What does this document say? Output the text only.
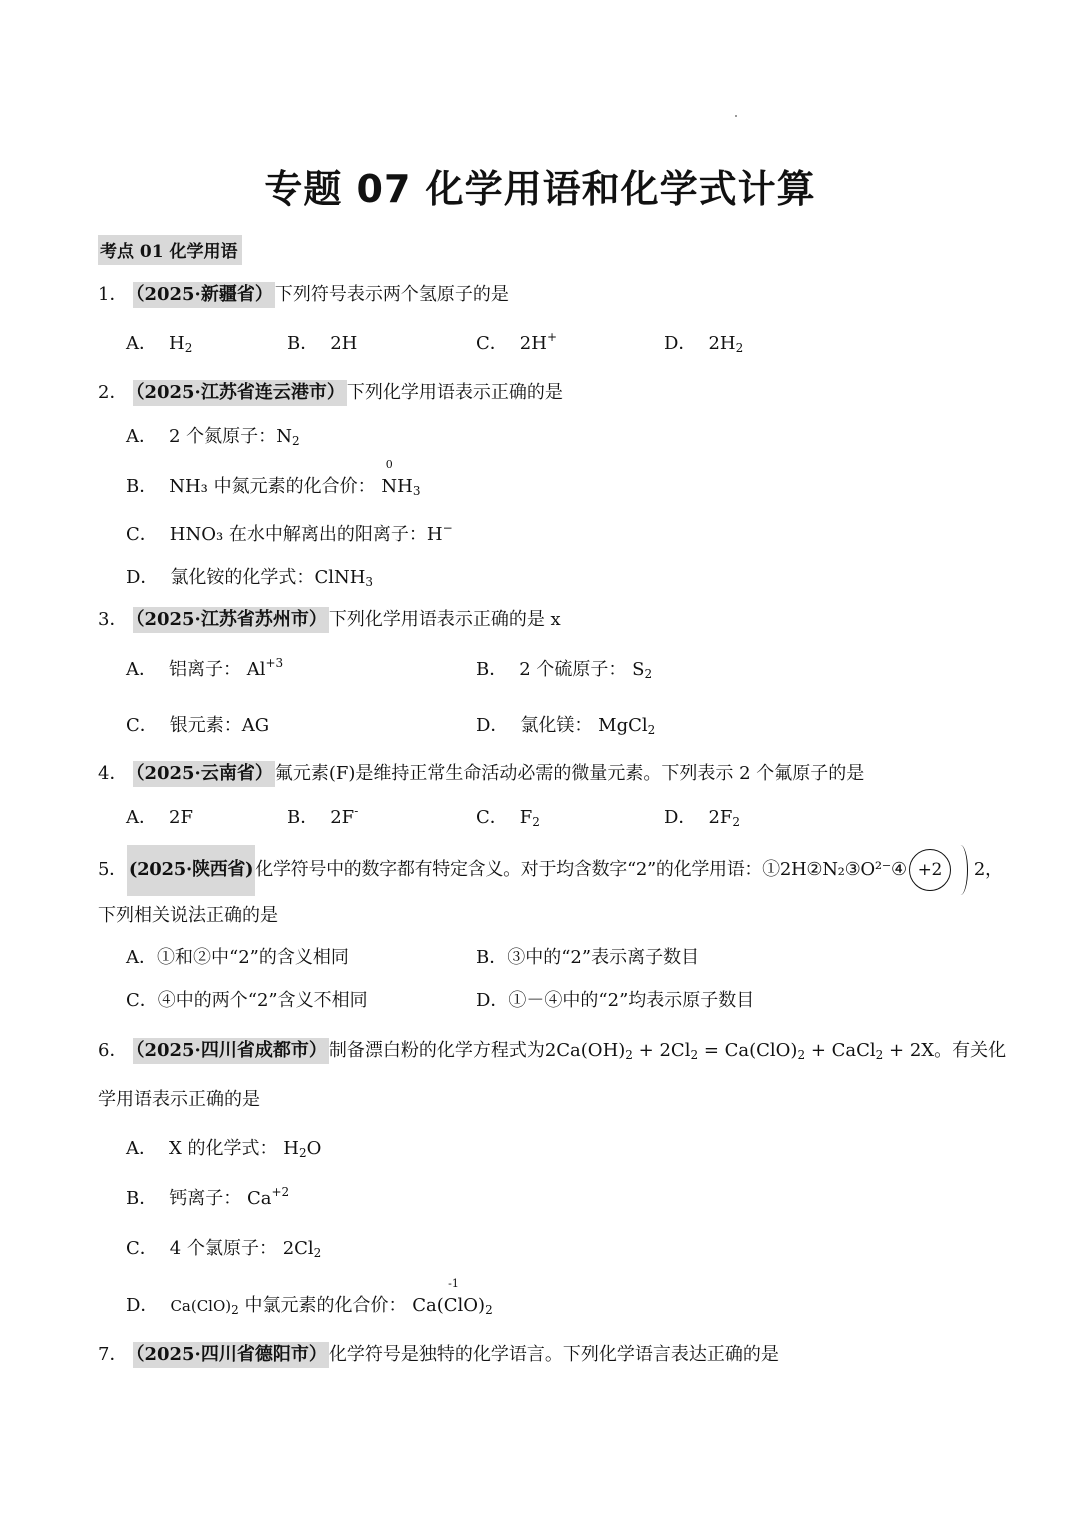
专题 07 化学用语和化学式计算
考点 01 化学用语
1． （2025·新疆省） 下列符号表示两个氢原子的是
A． $H_2$	B． 2H	C． 2H+	D． $2H_2$
2． （2025·江苏省连云港市） 下列化学用语表示正确的是
A． 2 个氮原子：$N_2$
B． NH₃ 中氮元素的化合价：
0
$NH_3$
C． HNO₃ 在水中解离出的阳离子：H−
D． 氯化铵的化学式：ClNH$_3$
3． （2025·江苏省苏州市） 下列化学用语表示正确的是 x
A． 铝离子： $Al^{+3}$	B． 2 个硫原子： $S_2$
C． 银元素：AG	D． 氯化镁： MgCl$_2$
4． （2025·云南省） 氟元素(F)是维持正常生命活动必需的微量元素。下列表示 2 个氟原子的是
A． 2F	B． 2F-	C． $F_2$	D． $2F_2$
5． (2025·陕西省) 化学符号中的数字都有特定含义。对于均含数字“2”的化学用语：①2H②N₂③O²⁻④ +2 2，
下列相关说法正确的是
A．①和②中“2”的含义相同	B．③中的“2”表示离子数目
C．④中的两个“2”含义不相同	D．①－④中的“2”均表示原子数目
6． （2025·四川省成都市） 制备漂白粉的化学方程式为$2Ca(OH)_2 + 2Cl_2 = Ca(ClO)_2$ + CaCl$_2$ + 2X。有关化
学用语表示正确的是
A． X 的化学式： $H_2O$
B． 钙离子： $Ca^{+2}$
C． 4 个氯原子： $2Cl_2$
D． $Ca(ClO)_2$ 中氯元素的化合价： Ca(
-1
$ClO)_2$
7． （2025·四川省德阳市） 化学符号是独特的化学语言。下列化学语言表达正确的是
